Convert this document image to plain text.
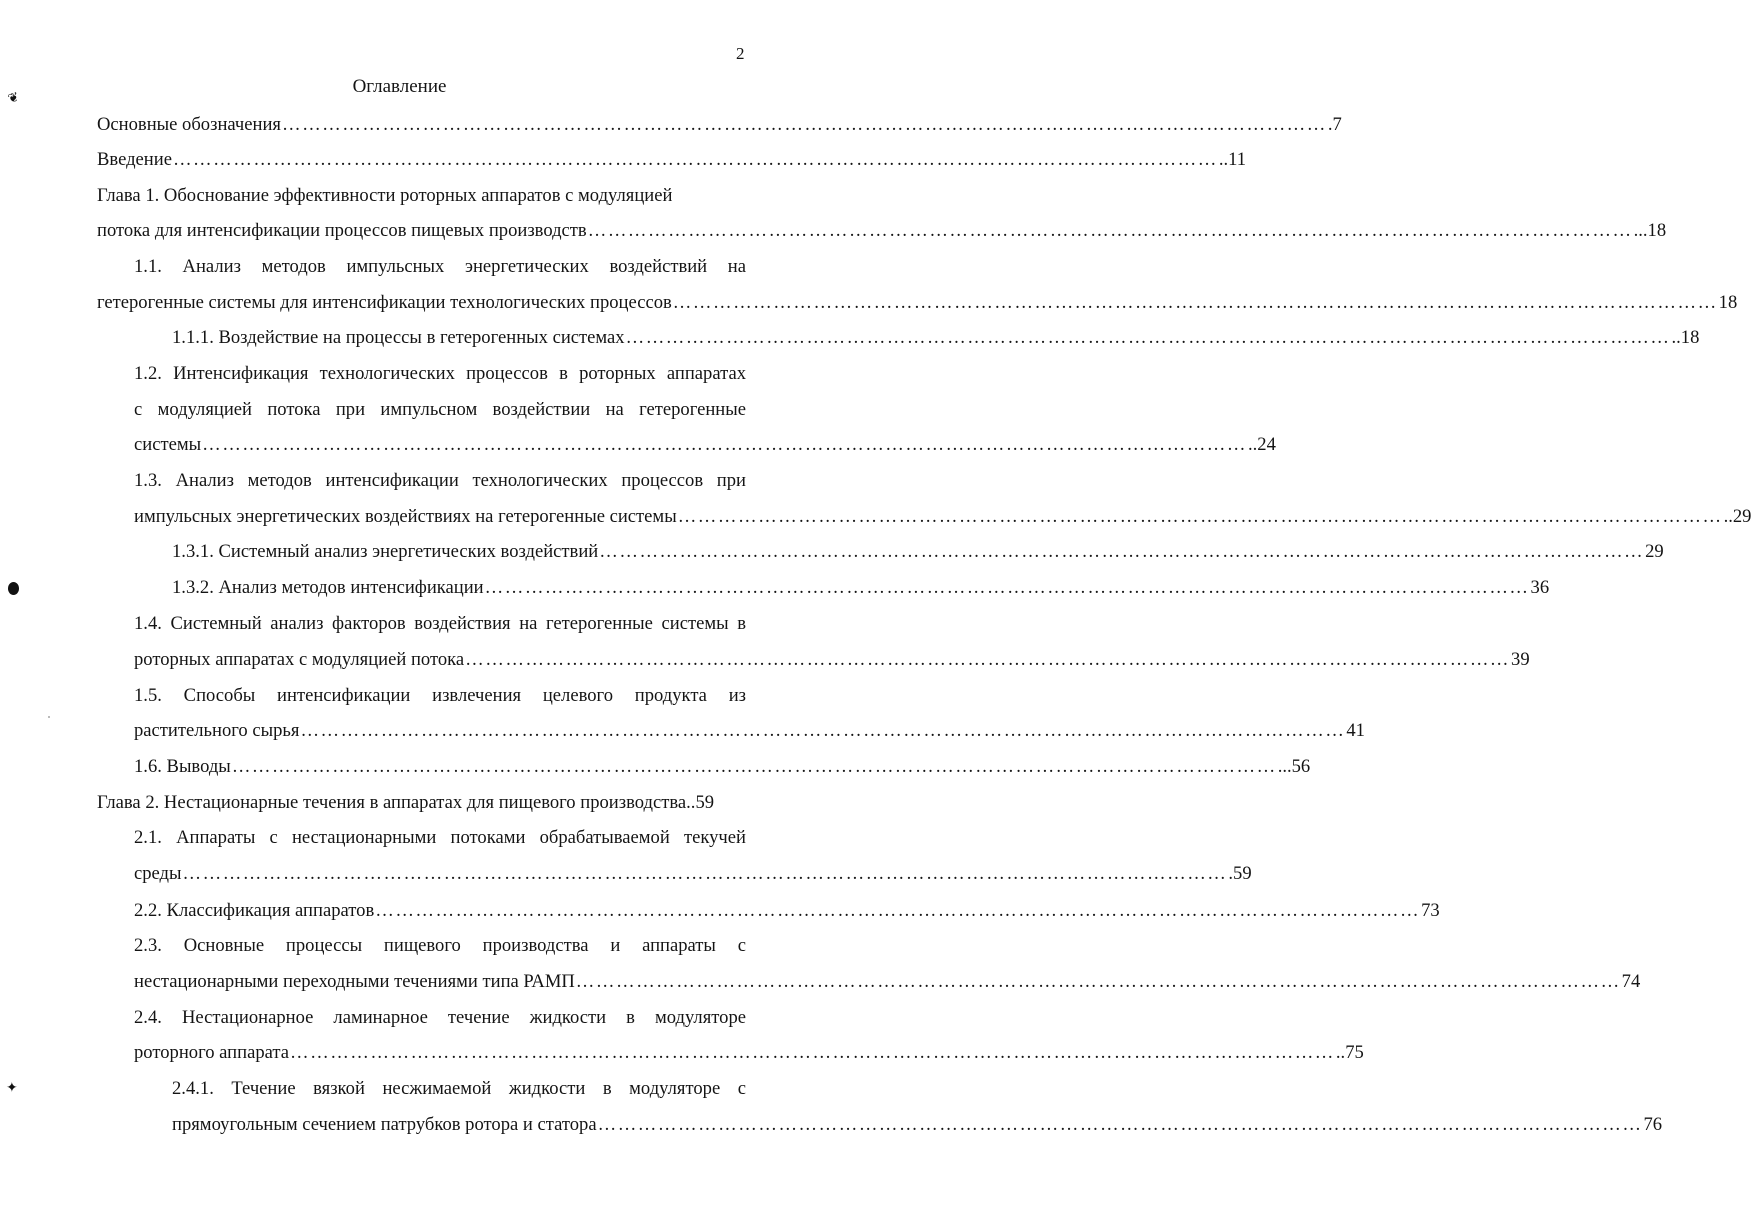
2
Оглавление
Основные обозначения ………………………………………………………………………………………………………………………………………… .7
Введение ………………………………………………………………………………………………………………………………………… ..11
Глава 1. Обоснование эффективности роторных аппаратов с модуляцией
потока для интенсификации процессов пищевых производств ………………………………………………………………………………………………………………………………………… ...18
1.1. Анализ методов импульсных энергетических воздействий на
гетерогенные системы для интенсификации технологических процессов ………………………………………………………………………………………………………………………………………… 18
1.1.1. Воздействие на процессы в гетерогенных системах ………………………………………………………………………………………………………………………………………… ..18
1.2. Интенсификация технологических процессов в роторных аппаратах
с модуляцией потока при импульсном воздействии на гетерогенные
системы ………………………………………………………………………………………………………………………………………… ..24
1.3. Анализ методов интенсификации технологических процессов при
импульсных энергетических воздействиях на гетерогенные системы ………………………………………………………………………………………………………………………………………… ..29
1.3.1. Системный анализ энергетических воздействий ………………………………………………………………………………………………………………………………………… 29
1.3.2. Анализ методов интенсификации ………………………………………………………………………………………………………………………………………… 36
1.4. Системный анализ факторов воздействия на гетерогенные системы в
роторных аппаратах с модуляцией потока ………………………………………………………………………………………………………………………………………… 39
1.5. Способы интенсификации извлечения целевого продукта из
растительного сырья ………………………………………………………………………………………………………………………………………… 41
1.6. Выводы ………………………………………………………………………………………………………………………………………… ...56
Глава 2. Нестационарные течения в аппаратах для пищевого производства ..59
2.1. Аппараты с нестационарными потоками обрабатываемой текучей
среды ………………………………………………………………………………………………………………………………………… .59
2.2. Классификация аппаратов ………………………………………………………………………………………………………………………………………… 73
2.3. Основные процессы пищевого производства и аппараты с
нестационарными переходными течениями типа РАМП ………………………………………………………………………………………………………………………………………… 74
2.4. Нестационарное ламинарное течение жидкости в модуляторе
роторного аппарата ………………………………………………………………………………………………………………………………………… ..75
2.4.1. Течение вязкой несжимаемой жидкости в модуляторе с
прямоугольным сечением патрубков ротора и статора ………………………………………………………………………………………………………………………………………… 76
❦
✦
